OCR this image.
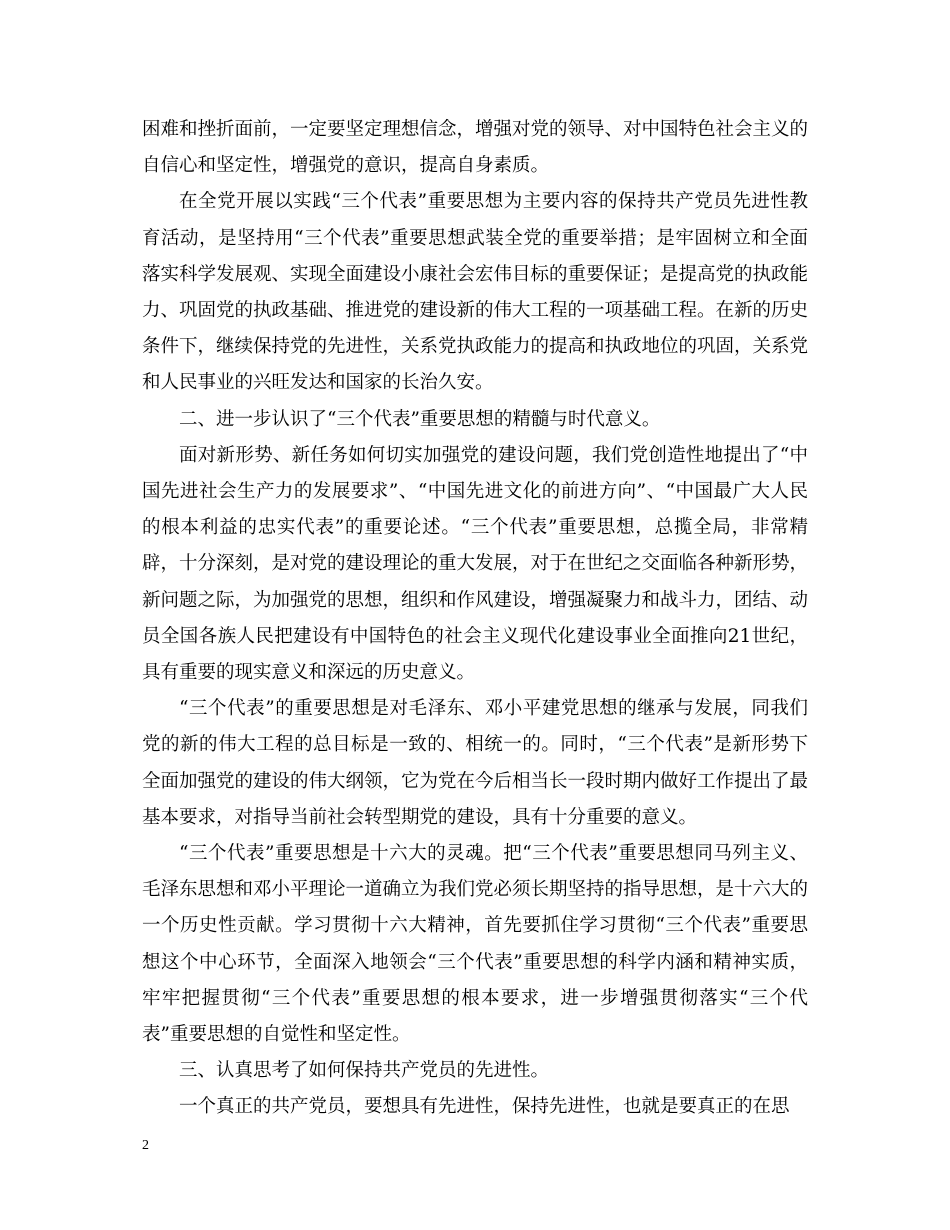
困难和挫折面前，一定要坚定理想信念，增强对党的领导、对中国特色社会主义的自信心和坚定性，增强党的意识，提高自身素质。

在全党开展以实践“三个代表”重要思想为主要内容的保持共产党员先进性教育活动，是坚持用“三个代表”重要思想武装全党的重要举措；是牢固树立和全面落实科学发展观、实现全面建设小康社会宏伟目标的重要保证；是提高党的执政能力、巩固党的执政基础、推进党的建设新的伟大工程的一项基础工程。在新的历史条件下，继续保持党的先进性，关系党执政能力的提高和执政地位的巩固，关系党和人民事业的兴旺发达和国家的长治久安。

二、进一步认识了“三个代表”重要思想的精髓与时代意义。

面对新形势、新任务如何切实加强党的建设问题，我们党创造性地提出了“中国先进社会生产力的发展要求”、“中国先进文化的前进方向”、“中国最广大人民的根本利益的忠实代表”的重要论述。“三个代表”重要思想，总揽全局，非常精辟，十分深刻，是对党的建设理论的重大发展，对于在世纪之交面临各种新形势，新问题之际，为加强党的思想，组织和作风建设，增强凝聚力和战斗力，团结、动员全国各族人民把建设有中国特色的社会主义现代化建设事业全面推向21世纪，具有重要的现实意义和深远的历史意义。

“三个代表”的重要思想是对毛泽东、邓小平建党思想的继承与发展，同我们党的新的伟大工程的总目标是一致的、相统一的。同时，“三个代表”是新形势下全面加强党的建设的伟大纲领，它为党在今后相当长一段时期内做好工作提出了最基本要求，对指导当前社会转型期党的建设，具有十分重要的意义。

“三个代表”重要思想是十六大的灵魂。把“三个代表”重要思想同马列主义、毛泽东思想和邓小平理论一道确立为我们党必须长期坚持的指导思想，是十六大的一个历史性贡献。学习贯彻十六大精神，首先要抓住学习贯彻“三个代表”重要思想这个中心环节，全面深入地领会“三个代表”重要思想的科学内涵和精神实质，牢牢把握贯彻“三个代表”重要思想的根本要求，进一步增强贯彻落实“三个代表”重要思想的自觉性和坚定性。

三、认真思考了如何保持共产党员的先进性。

一个真正的共产党员，要想具有先进性，保持先进性，也就是要真正的在思

2
